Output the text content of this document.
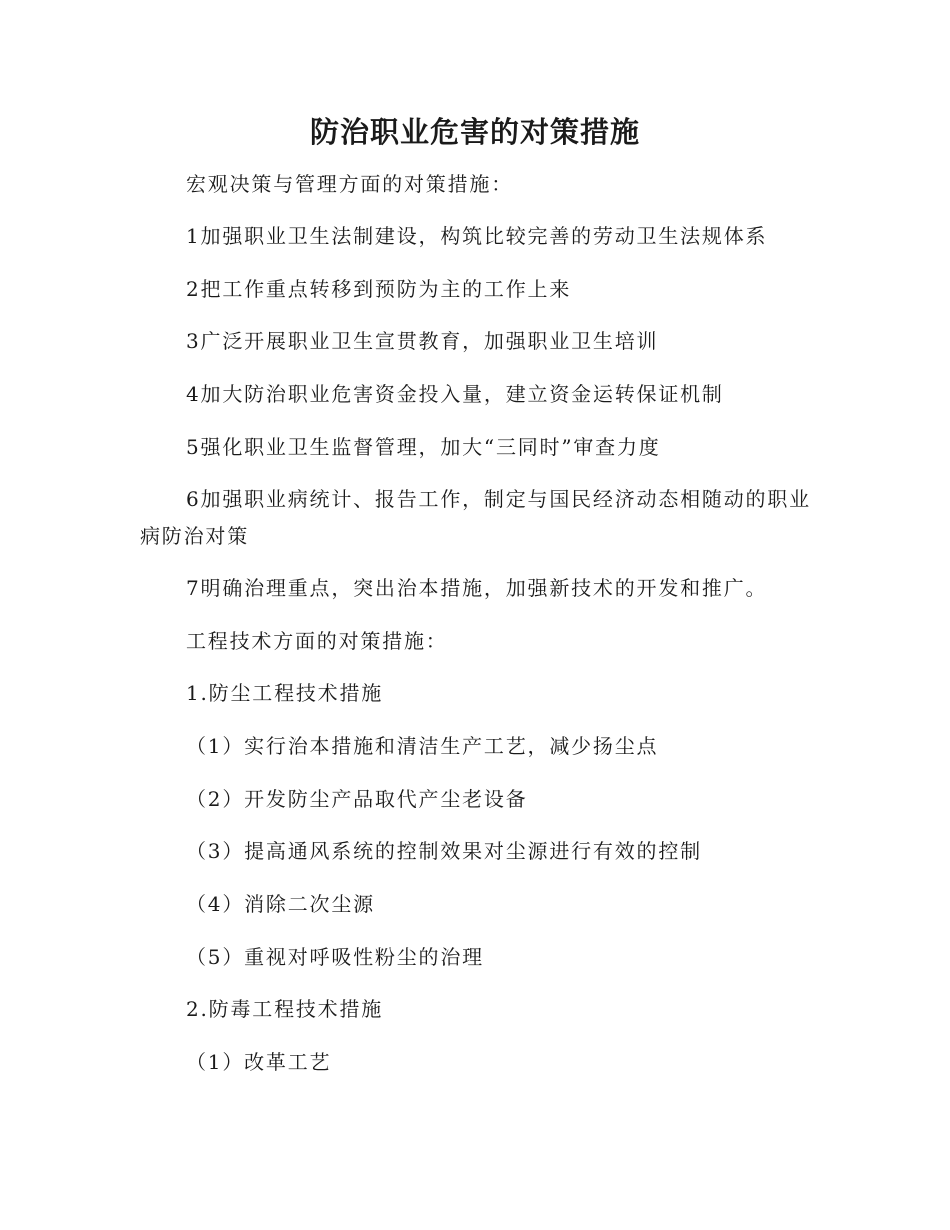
防治职业危害的对策措施
宏观决策与管理方面的对策措施：
1加强职业卫生法制建设，构筑比较完善的劳动卫生法规体系
2把工作重点转移到预防为主的工作上来
3广泛开展职业卫生宣贯教育，加强职业卫生培训
4加大防治职业危害资金投入量，建立资金运转保证机制
5强化职业卫生监督管理，加大“三同时”审查力度
6加强职业病统计、报告工作，制定与国民经济动态相随动的职业病防治对策
7明确治理重点，突出治本措施，加强新技术的开发和推广。
工程技术方面的对策措施：
1.防尘工程技术措施
（1）实行治本措施和清洁生产工艺，减少扬尘点
（2）开发防尘产品取代产尘老设备
（3）提高通风系统的控制效果对尘源进行有效的控制
（4）消除二次尘源
（5）重视对呼吸性粉尘的治理
2.防毒工程技术措施
（1）改革工艺
